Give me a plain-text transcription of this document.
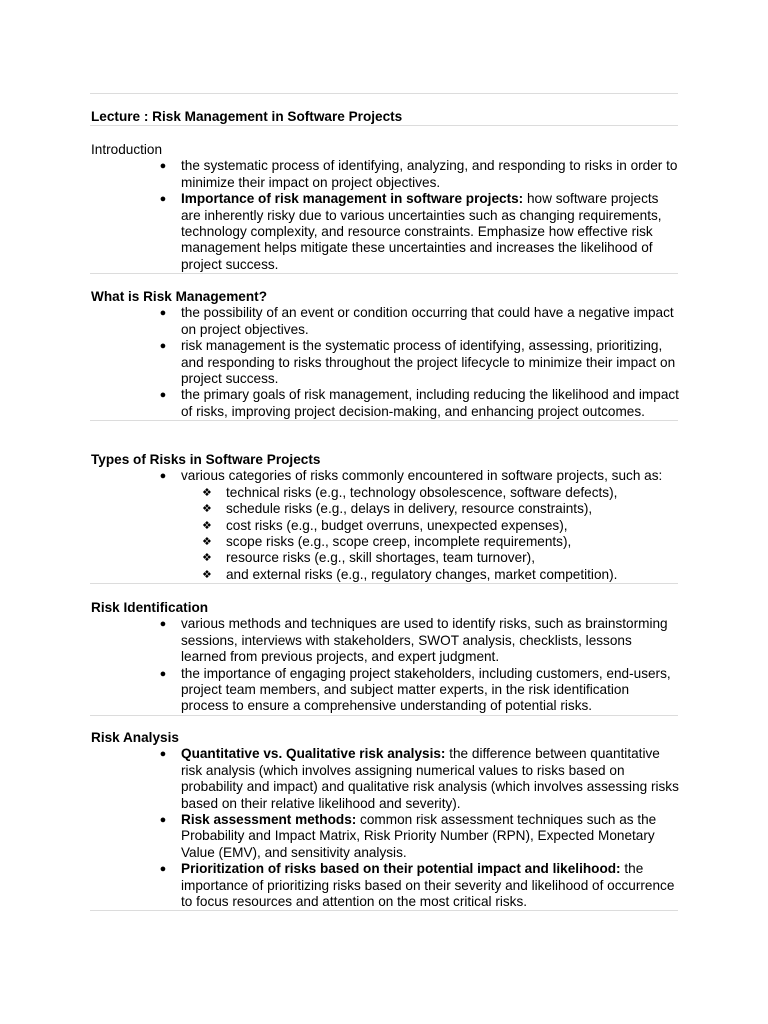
Lecture : Risk Management in Software Projects
Introduction
● the systematic process of identifying, analyzing, and responding to risks in order to minimize their impact on project objectives.
● Importance of risk management in software projects: how software projects are inherently risky due to various uncertainties such as changing requirements, technology complexity, and resource constraints. Emphasize how effective risk management helps mitigate these uncertainties and increases the likelihood of project success.
What is Risk Management?
● the possibility of an event or condition occurring that could have a negative impact on project objectives.
● risk management is the systematic process of identifying, assessing, prioritizing, and responding to risks throughout the project lifecycle to minimize their impact on project success.
● the primary goals of risk management, including reducing the likelihood and impact of risks, improving project decision-making, and enhancing project outcomes.
Types of Risks in Software Projects
● various categories of risks commonly encountered in software projects, such as:
❖ technical risks (e.g., technology obsolescence, software defects),
❖ schedule risks (e.g., delays in delivery, resource constraints),
❖ cost risks (e.g., budget overruns, unexpected expenses),
❖ scope risks (e.g., scope creep, incomplete requirements),
❖ resource risks (e.g., skill shortages, team turnover),
❖ and external risks (e.g., regulatory changes, market competition).
Risk Identification
● various methods and techniques are used to identify risks, such as brainstorming sessions, interviews with stakeholders, SWOT analysis, checklists, lessons learned from previous projects, and expert judgment.
● the importance of engaging project stakeholders, including customers, end-users, project team members, and subject matter experts, in the risk identification process to ensure a comprehensive understanding of potential risks.
Risk Analysis
● Quantitative vs. Qualitative risk analysis: the difference between quantitative risk analysis (which involves assigning numerical values to risks based on probability and impact) and qualitative risk analysis (which involves assessing risks based on their relative likelihood and severity).
● Risk assessment methods: common risk assessment techniques such as the Probability and Impact Matrix, Risk Priority Number (RPN), Expected Monetary Value (EMV), and sensitivity analysis.
● Prioritization of risks based on their potential impact and likelihood: the importance of prioritizing risks based on their severity and likelihood of occurrence to focus resources and attention on the most critical risks.
